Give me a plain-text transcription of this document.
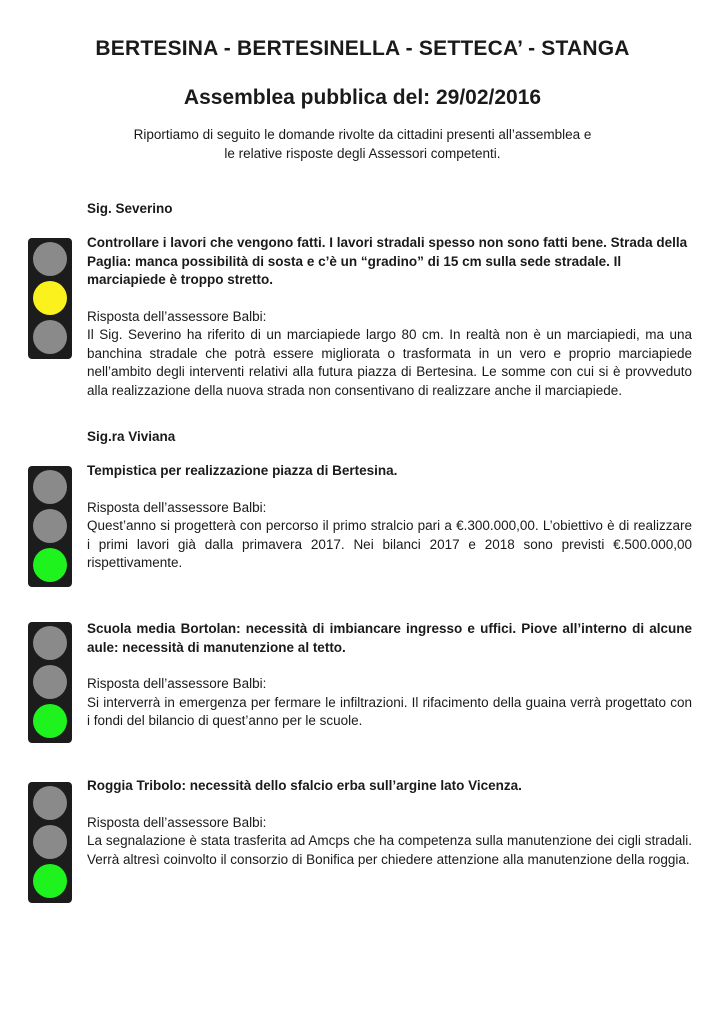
BERTESINA - BERTESINELLA - SETTECA’ - STANGA
Assemblea pubblica del: 29/02/2016
Riportiamo di seguito le domande rivolte da cittadini presenti all’assemblea e
le relative risposte degli Assessori competenti.
Sig. Severino

Controllare i lavori che vengono fatti. I lavori stradali spesso non sono fatti bene. Strada della Paglia: manca possibilità di sosta e c’è un “gradino” di 15 cm sulla sede stradale. Il marciapiede è troppo stretto.

Risposta dell’assessore Balbi:

Il Sig. Severino ha riferito di un marciapiede largo 80 cm. In realtà non è un marciapiedi, ma una banchina stradale che potrà essere migliorata o trasformata in un vero e proprio marciapiede nell’ambito degli interventi relativi alla futura piazza di Bertesina. Le somme con cui si è provveduto alla realizzazione della nuova strada non consentivano di realizzare anche il marciapiede.

Sig.ra Viviana

Tempistica per realizzazione piazza di Bertesina.

Risposta dell’assessore Balbi:

Quest’anno si progetterà con percorso il primo stralcio pari a €.300.000,00. L’obiettivo è di realizzare i primi lavori già dalla primavera 2017. Nei bilanci 2017 e 2018 sono previsti €.500.000,00 rispettivamente.

Scuola media Bortolan: necessità di imbiancare ingresso e uffici. Piove all’interno di alcune aule: necessità di manutenzione al tetto.

Risposta dell’assessore Balbi:

Si interverrà in emergenza per fermare le infiltrazioni. Il rifacimento della guaina verrà progettato con i fondi del bilancio di quest’anno per le scuole.

Roggia Tribolo: necessità dello sfalcio erba sull’argine lato Vicenza.

Risposta dell’assessore Balbi:

La segnalazione è stata trasferita ad Amcps che ha competenza sulla manutenzione dei cigli stradali. Verrà altresì coinvolto il consorzio di Bonifica per chiedere attenzione alla manutenzione della roggia.
